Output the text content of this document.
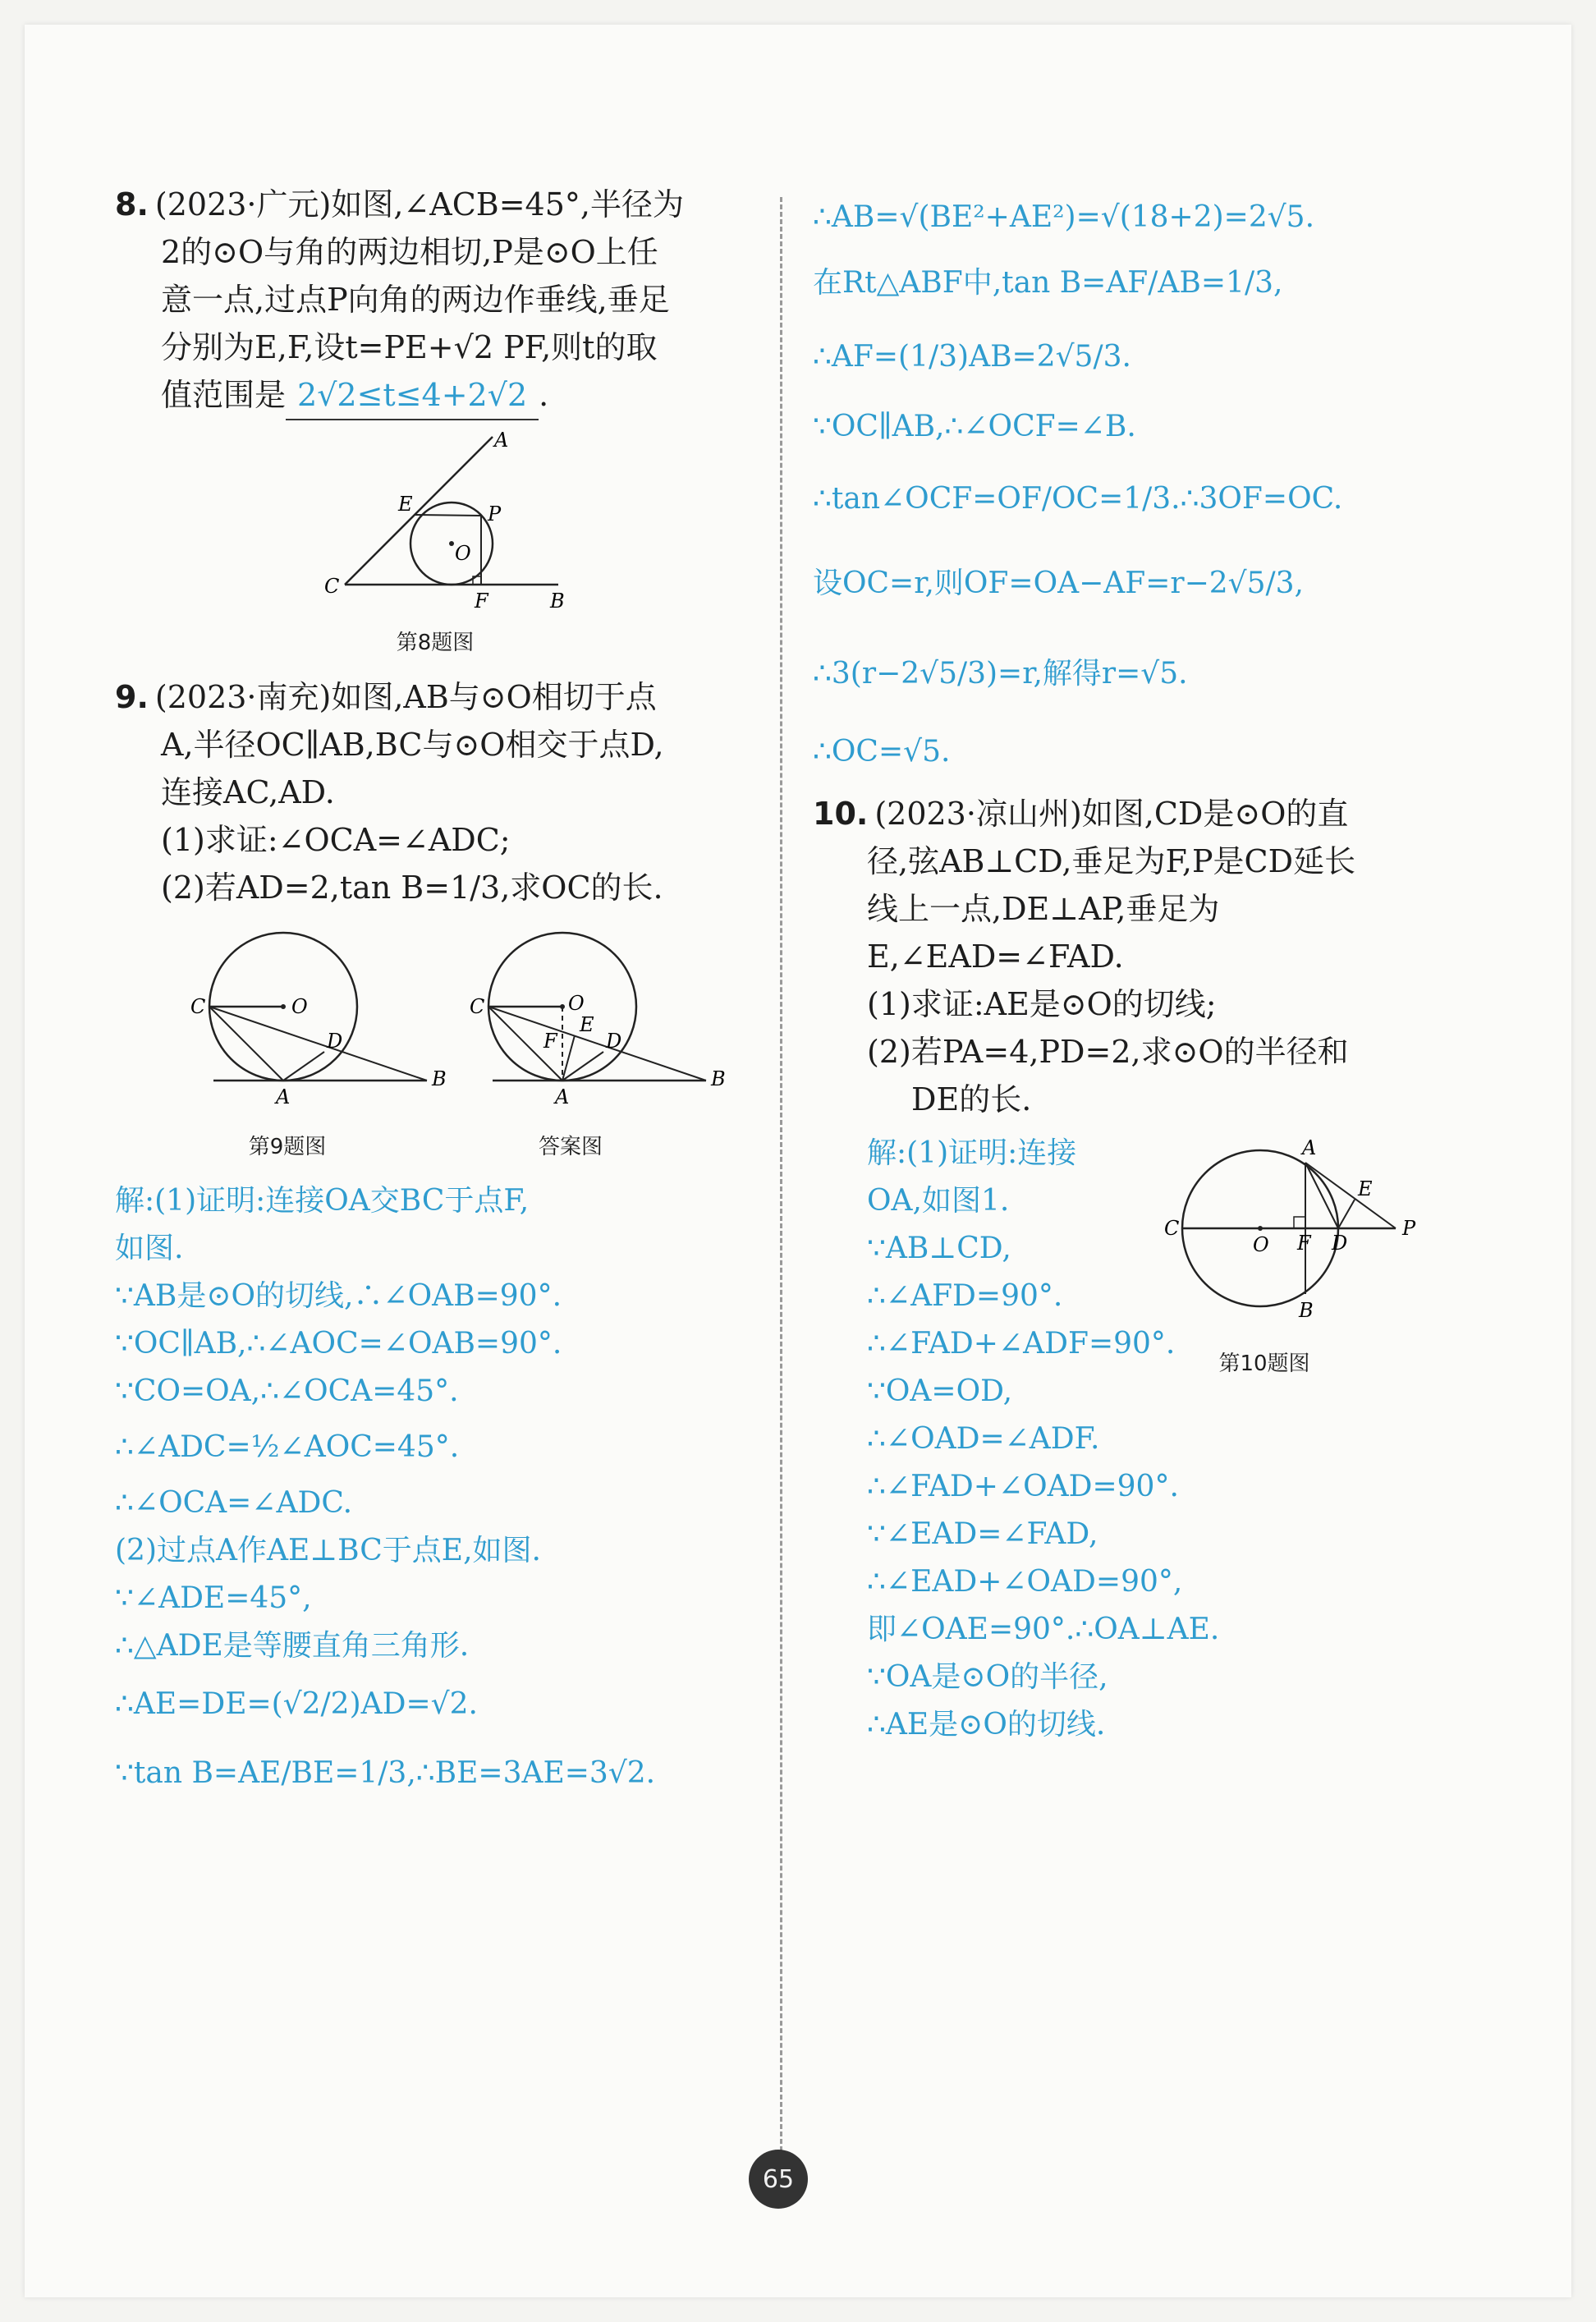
8. (2023·广元)如图,∠ACB=45°,半径为
2的⊙O与角的两边相切,P是⊙O上任
意一点,过点P向角的两边作垂线,垂足
分别为E,F,设t=PE+√2 PF,则t的取
值范围是 2√2≤t≤4+2√2 .
A
E	P
O
C
F	B
第8题图
9. (2023·南充)如图,AB与⊙O相切于点
A,半径OC∥AB,BC与⊙O相交于点D,
连接AC,AD.
(1)求证:∠OCA=∠ADC;
(2)若AD=2,tan B=1/3,求OC的长.
C	O
D
A
B
C	O
E
F D
A
B
第9题图	答案图
解:(1)证明:连接OA交BC于点F,
如图.
∵AB是⊙O的切线,∴∠OAB=90°.
∵OC∥AB,∴∠AOC=∠OAB=90°.
∵CO=OA,∴∠OCA=45°.
∴∠ADC=½∠AOC=45°.
∴∠OCA=∠ADC.
(2)过点A作AE⊥BC于点E,如图.
∵∠ADE=45°,
∴△ADE是等腰直角三角形.
∴AE=DE=(√2/2)AD=√2.
∵tan B=AE/BE=1/3,∴BE=3AE=3√2.
∴AB=√(BE²+AE²)=√(18+2)=2√5.
在Rt△ABF中,tan B=AF/AB=1/3,
∴AF=(1/3)AB=2√5/3.
∵OC∥AB,∴∠OCF=∠B.
∴tan∠OCF=OF/OC=1/3.∴3OF=OC.
设OC=r,则OF=OA−AF=r−2√5/3,
∴3(r−2√5/3)=r,解得r=√5.
∴OC=√5.
10. (2023·凉山州)如图,CD是⊙O的直
径,弦AB⊥CD,垂足为F,P是CD延长
线上一点,DE⊥AP,垂足为
E,∠EAD=∠FAD.
(1)求证:AE是⊙O的切线;
(2)若PA=4,PD=2,求⊙O的半径和
DE的长.
A
E
C
O F D
P
B
第10题图
解:(1)证明:连接
OA,如图1.
∵AB⊥CD,
∴∠AFD=90°.
∴∠FAD+∠ADF=90°.
∵OA=OD,
∴∠OAD=∠ADF.
∴∠FAD+∠OAD=90°.
∵∠EAD=∠FAD,
∴∠EAD+∠OAD=90°,
即∠OAE=90°.∴OA⊥AE.
∵OA是⊙O的半径,
∴AE是⊙O的切线.
65
